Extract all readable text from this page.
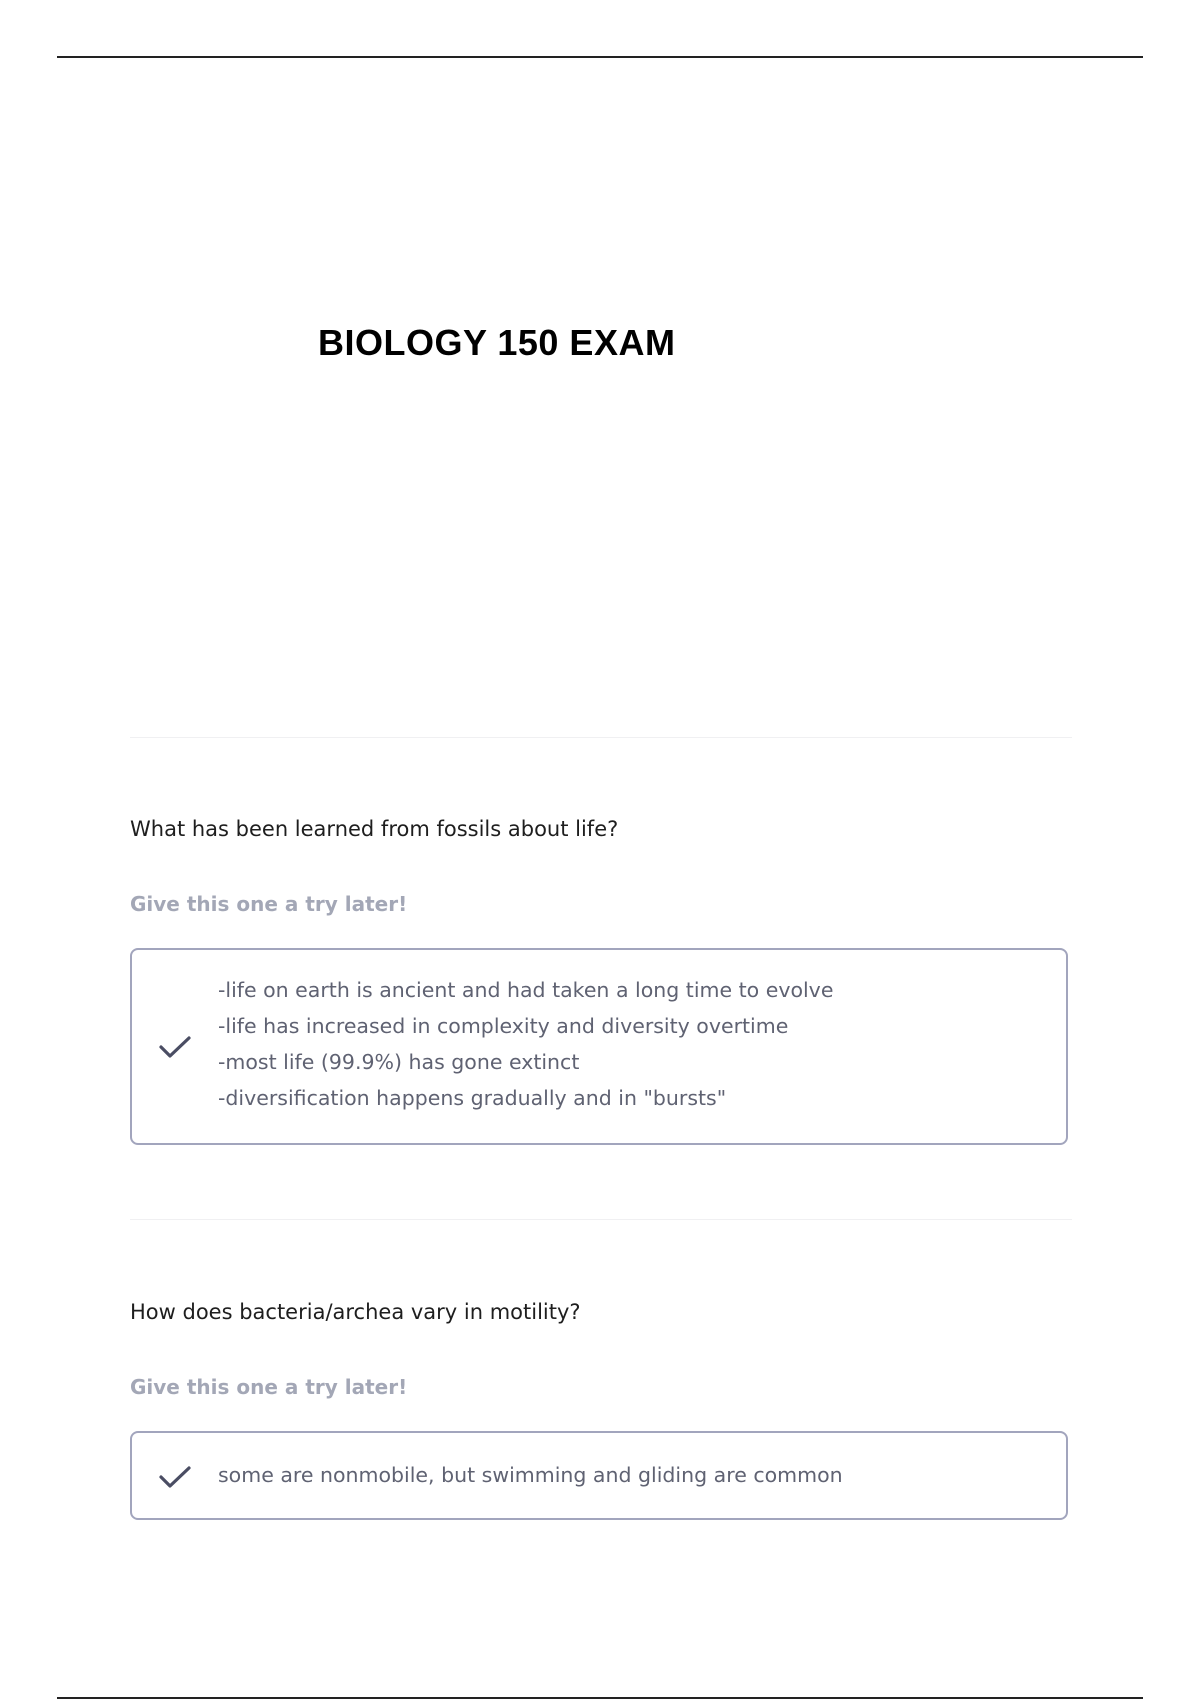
BIOLOGY 150 EXAM

What has been learned from fossils about life?

Give this one a try later!

-life on earth is ancient and had taken a long time to evolve
-life has increased in complexity and diversity overtime
-most life (99.9%) has gone extinct
-diversification happens gradually and in "bursts"

How does bacteria/archea vary in motility?

Give this one a try later!

some are nonmobile, but swimming and gliding are common
